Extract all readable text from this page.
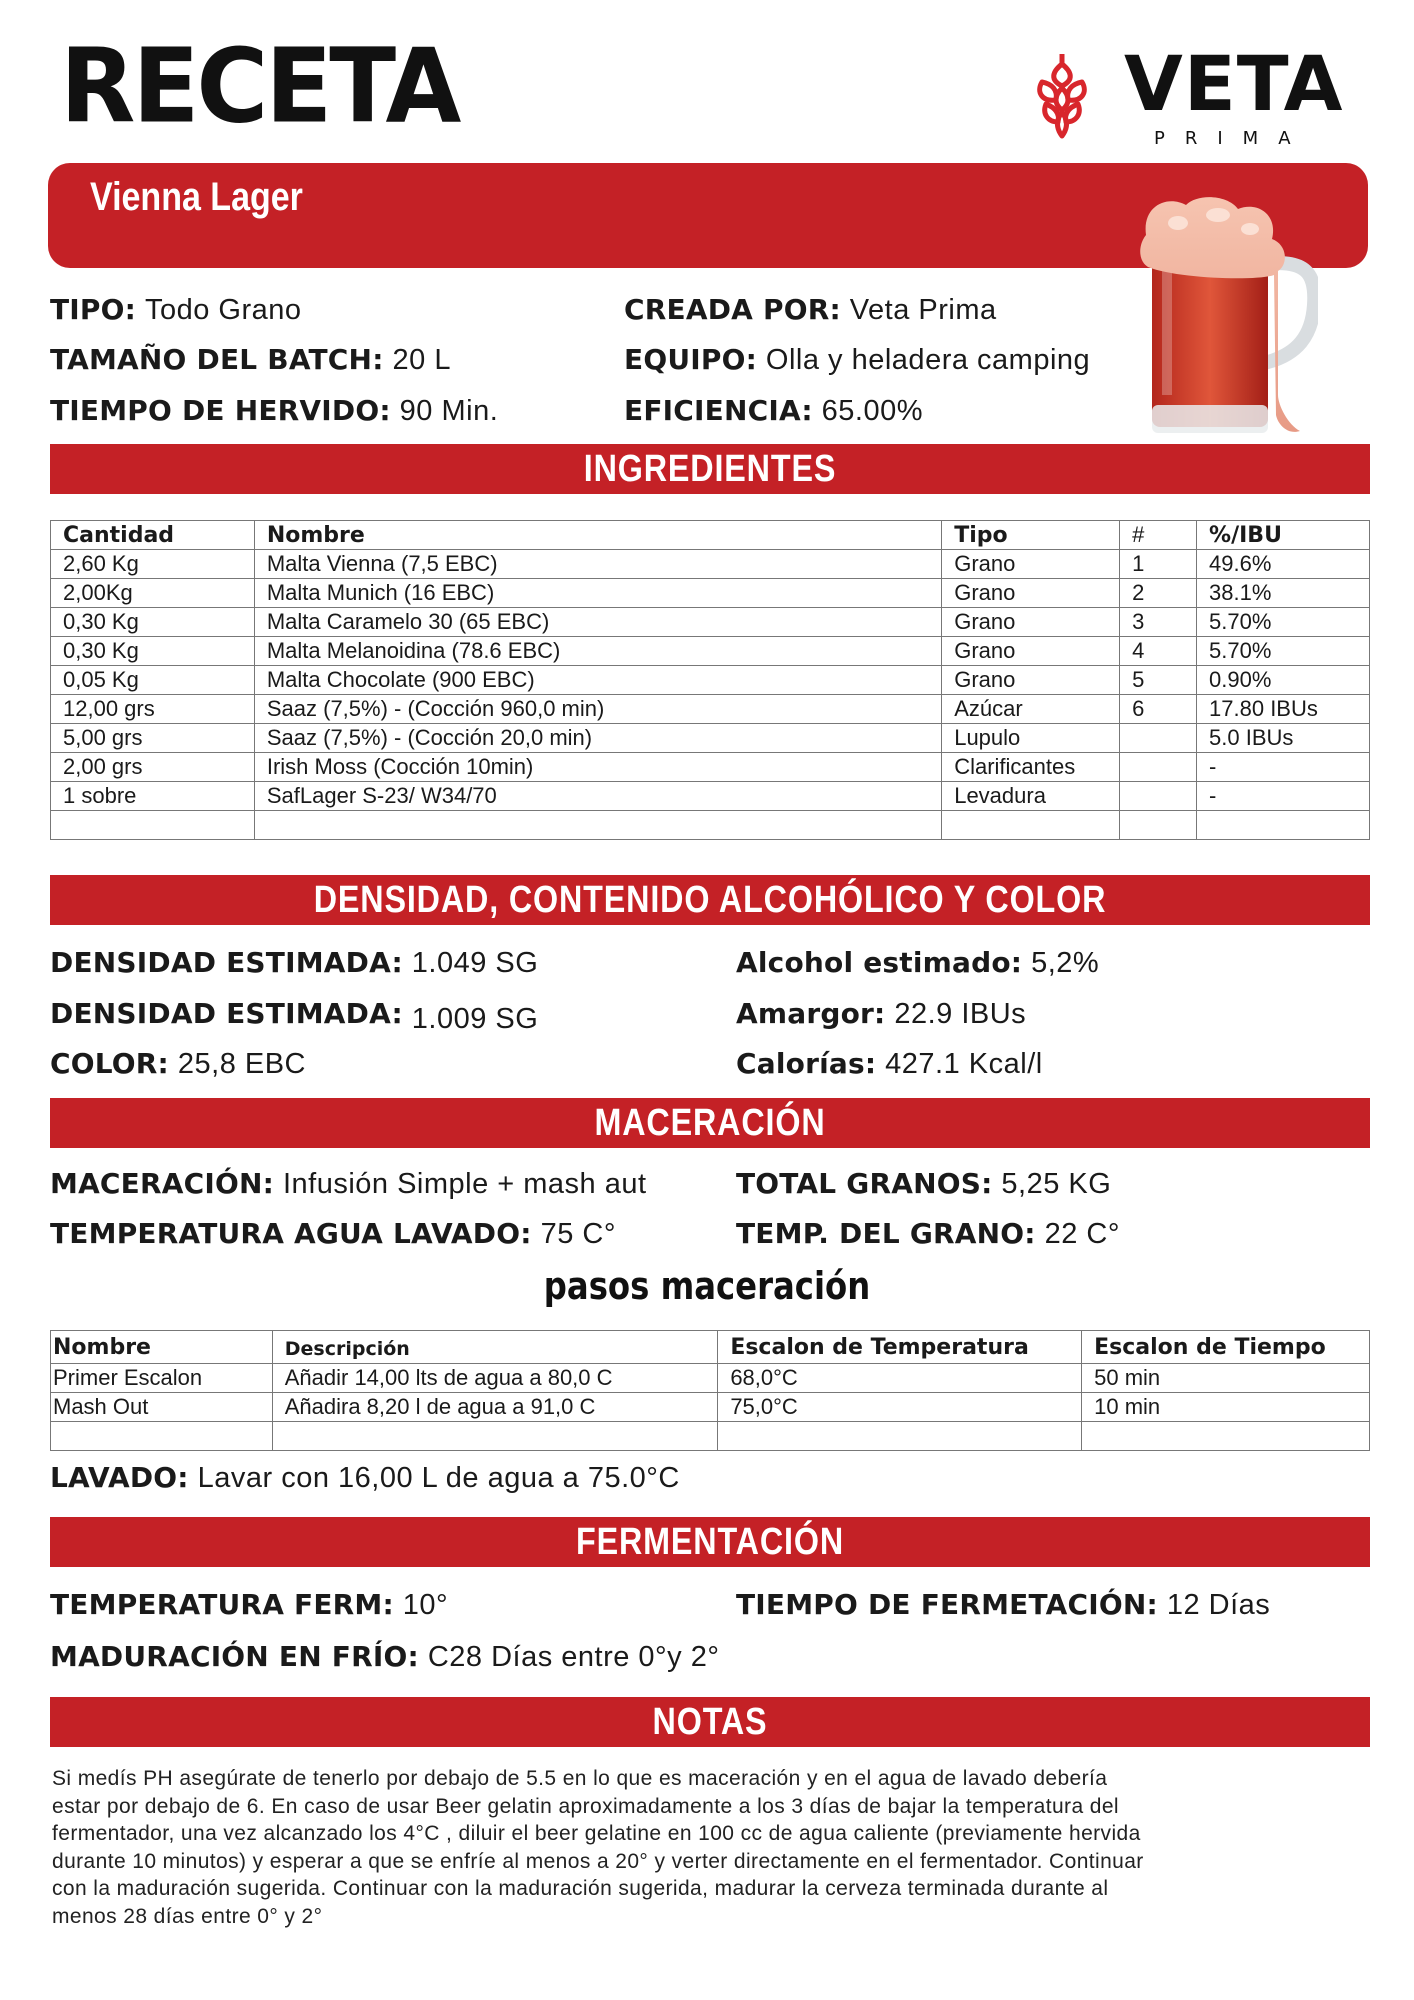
RECETA	VETA
PRIMA
Vienna Lager
TIPO: Todo Grano
TAMAÑO DEL BATCH: 20 L
TIEMPO DE HERVIDO: 90 Min.
CREADA POR: Veta Prima
EQUIPO: Olla y heladera camping
EFICIENCIA: 65.00%
INGREDIENTES
Cantidad	Nombre	Tipo	#	%/IBU
2,60 Kg	Malta Vienna (7,5 EBC)	Grano	1	49.6%
2,00Kg	Malta Munich (16 EBC)	Grano	2	38.1%
0,30 Kg	Malta Caramelo 30 (65 EBC)	Grano	3	5.70%
0,30 Kg	Malta Melanoidina (78.6 EBC)	Grano	4	5.70%
0,05 Kg	Malta Chocolate (900 EBC)	Grano	5	0.90%
12,00 grs	Saaz (7,5%) - (Cocción 960,0 min)	Azúcar	6	17.80 IBUs
5,00 grs	Saaz (7,5%) - (Cocción 20,0 min)	Lupulo		5.0 IBUs
2,00 grs	Irish Moss (Cocción 10min)	Clarificantes		-
1 sobre	SafLager S-23/ W34/70	Levadura		-

DENSIDAD, CONTENIDO ALCOHÓLICO Y COLOR
DENSIDAD ESTIMADA: 1.049 SG
DENSIDAD ESTIMADA: 1.009 SG
COLOR: 25,8 EBC
Alcohol estimado: 5,2%
Amargor: 22.9 IBUs
Calorías: 427.1 Kcal/l
MACERACIÓN
MACERACIÓN: Infusión Simple + mash aut
TEMPERATURA AGUA LAVADO: 75 C°
TOTAL GRANOS: 5,25 KG
TEMP. DEL GRANO: 22 C°
pasos maceración
Nombre	Descripción	Escalon de Temperatura	Escalon de Tiempo
Primer Escalon	Añadir 14,00 lts de agua a 80,0 C	68,0°C	50 min
Mash Out	Añadira 8,20 l de agua a 91,0 C	75,0°C	10 min

LAVADO: Lavar con 16,00 L de agua a 75.0°C
FERMENTACIÓN
TEMPERATURA FERM: 10°	TIEMPO DE FERMETACIÓN: 12 Días
MADURACIÓN EN FRÍO: C28 Días entre 0°y 2°
NOTAS
Si medís PH asegúrate de tenerlo por debajo de 5.5 en lo que es maceración y en el agua de lavado debería estar por debajo de 6. En caso de usar Beer gelatin aproximadamente a los 3 días de bajar la temperatura del fermentador, una vez alcanzado los 4°C , diluir el beer gelatine en 100 cc de agua caliente (previamente hervida durante 10 minutos) y esperar a que se enfríe al menos a 20° y verter directamente en el fermentador. Continuar con la maduración sugerida. Continuar con la maduración sugerida, madurar la cerveza terminada durante al menos 28 días entre 0° y 2°
